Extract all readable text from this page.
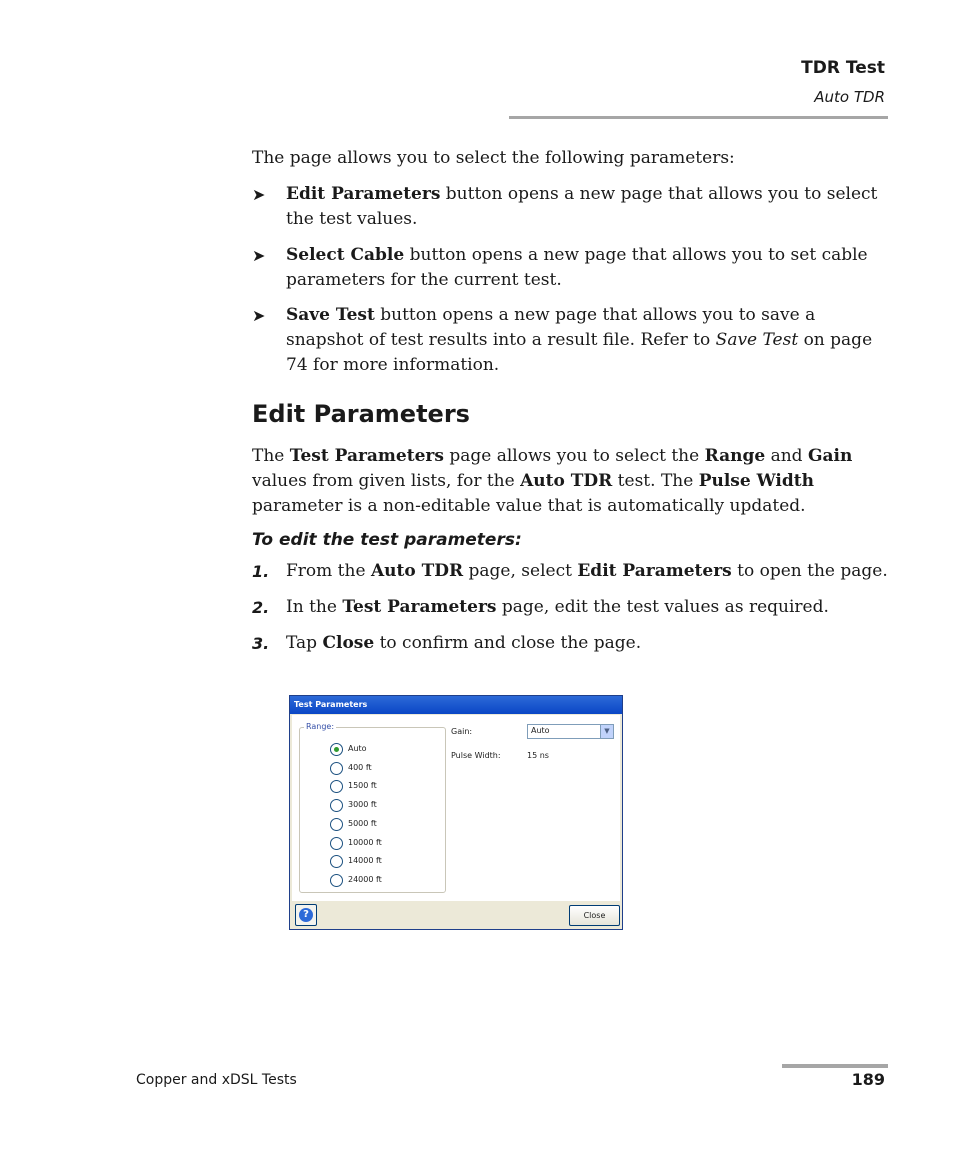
TDR Test
Auto TDR
The page allows you to select the following parameters:
➤ Edit Parameters button opens a new page that allows you to select the test values.
➤ Select Cable button opens a new page that allows you to set cable parameters for the current test.
➤ Save Test button opens a new page that allows you to save a snapshot of test results into a result file. Refer to Save Test on page 74 for more information.
Edit Parameters
The Test Parameters page allows you to select the Range and Gain values from given lists, for the Auto TDR test. The Pulse Width parameter is a non-editable value that is automatically updated.
To edit the test parameters:
1. From the Auto TDR page, select Edit Parameters to open the page.
2. In the Test Parameters page, edit the test values as required.
3. Tap Close to confirm and close the page.
Test Parameters
Range:
Auto
400 ft
1500 ft
3000 ft
5000 ft
10000 ft
14000 ft
24000 ft
Gain:	Auto	▼
Pulse Width:	15 ns
?	Close
Copper and xDSL Tests	189
